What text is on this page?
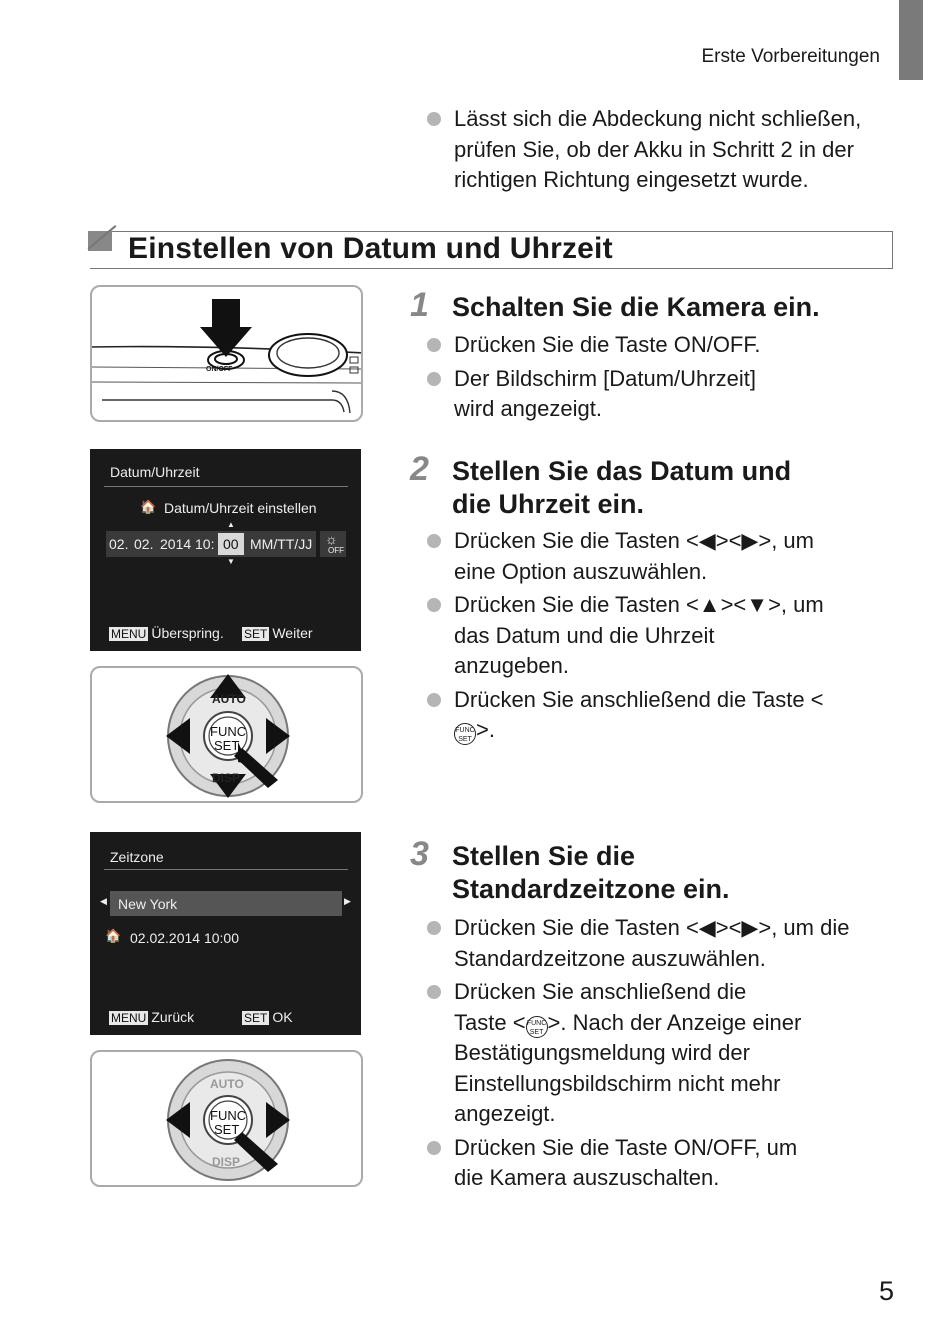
Erste Vorbereitungen
Lässt sich die Abdeckung nicht schließen, prüfen Sie, ob der Akku in Schritt 2 in der richtigen Richtung eingesetzt wurde.
Einstellen von Datum und Uhrzeit
ON/OFF
Datum/Uhrzeit
🏠 Datum/Uhrzeit einstellen
▲
02. 02. 2014 10: 00 MM/TT/JJ ☼
OFF
▼
MENU Überspring. SET Weiter
AUTO
DISP
FUNC
SET
Zeitzone
◀ New York	▶
🏠 02.02.2014 10:00
MENU Zurück	SET OK
AUTO
DISP
FUNC
SET
1 Schalten Sie die Kamera ein.
Drücken Sie die Taste ON/OFF.
Der Bildschirm [Datum/Uhrzeit] wird angezeigt.
2 Stellen Sie das Datum und die Uhrzeit ein.
Drücken Sie die Tasten <◀><▶>, um eine Option auszuwählen.
Drücken Sie die Tasten <▲><▼>, um das Datum und die Uhrzeit anzugeben.
Drücken Sie anschließend die Taste <FUNC
SET >.
3 Stellen Sie die Standardzeitzone ein.
Drücken Sie die Tasten <◀><▶>, um die Standardzeitzone auszuwählen.
Drücken Sie anschließend die Taste <FUNC
SET >. Nach der Anzeige einer Bestätigungsmeldung wird der Einstellungsbildschirm nicht mehr angezeigt.
Drücken Sie die Taste ON/OFF, um die Kamera auszuschalten.
5
